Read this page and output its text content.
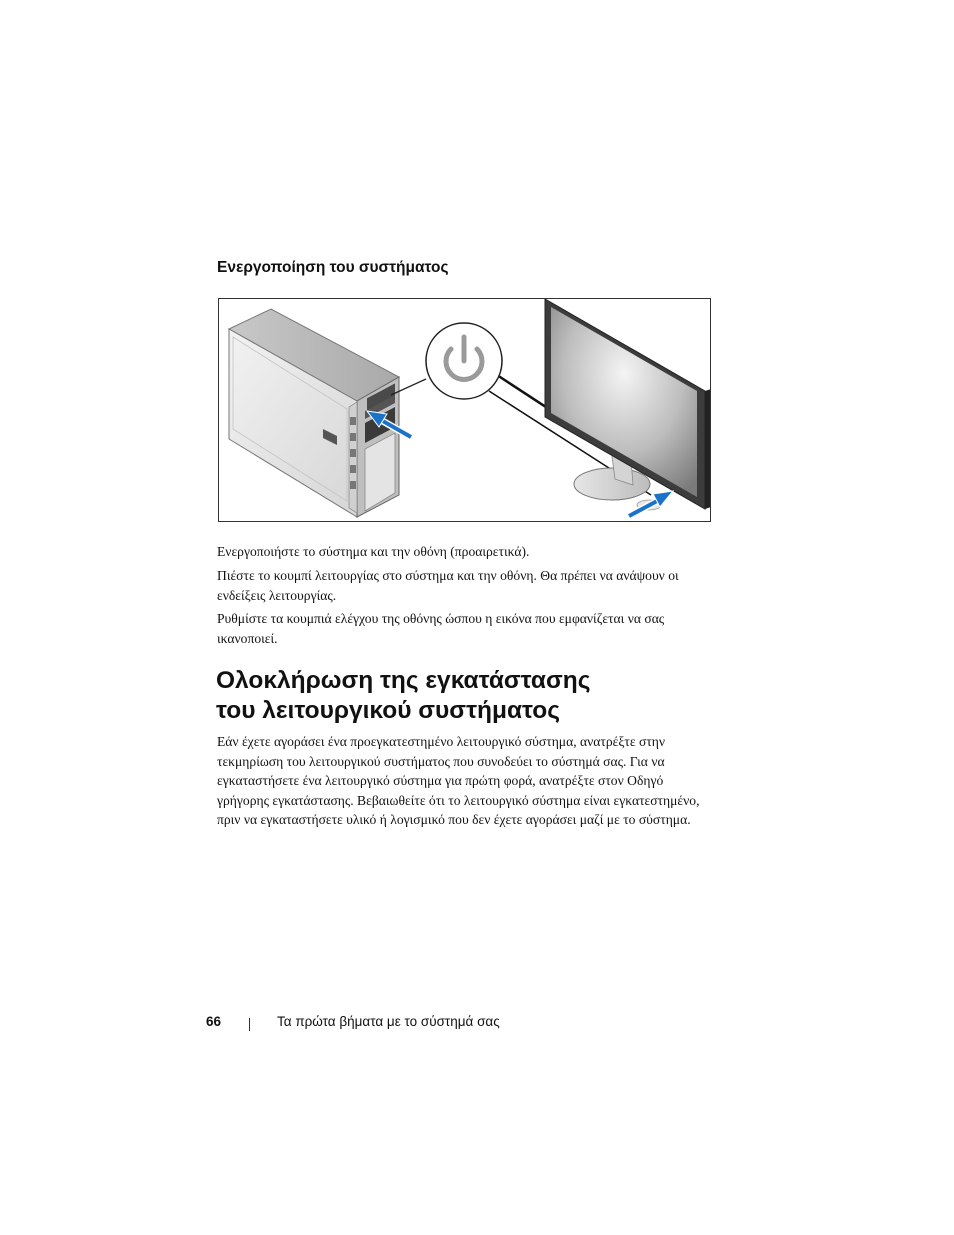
Ενεργοποίηση του συστήματος

Ενεργοποιήστε το σύστημα και την οθόνη (προαιρετικά).

Πιέστε το κουμπί λειτουργίας στο σύστημα και την οθόνη. Θα πρέπει να ανάψουν οι ενδείξεις λειτουργίας.

Ρυθμίστε τα κουμπιά ελέγχου της οθόνης ώσπου η εικόνα που εμφανίζεται να σας ικανοποιεί.

Ολοκλήρωση της εγκατάστασης
του λειτουργικού συστήματος

Εάν έχετε αγοράσει ένα προεγκατεστημένο λειτουργικό σύστημα, ανατρέξτε στην τεκμηρίωση του λειτουργικού συστήματος που συνοδεύει το σύστημά σας. Για να εγκαταστήσετε ένα λειτουργικό σύστημα για πρώτη φορά, ανατρέξτε στον Οδηγό γρήγορης εγκατάστασης. Βεβαιωθείτε ότι το λειτουργικό σύστημα είναι εγκατεστημένο, πριν να εγκαταστήσετε υλικό ή λογισμικό που δεν έχετε αγοράσει μαζί με το σύστημα.

66	Τα πρώτα βήματα με το σύστημά σας
